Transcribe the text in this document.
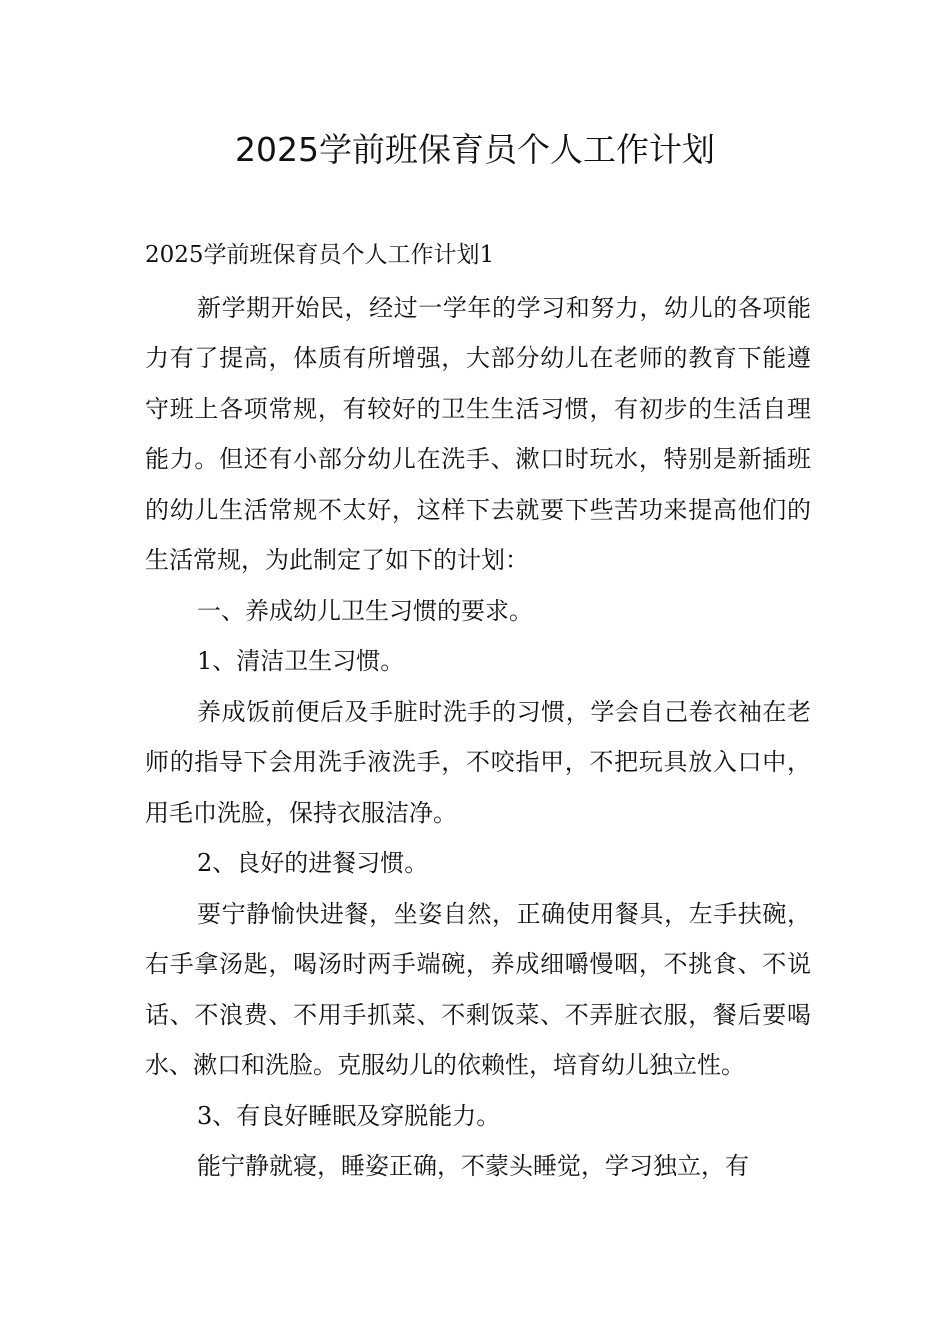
2025学前班保育员个人工作计划

2025学前班保育员个人工作计划1

新学期开始民，经过一学年的学习和努力，幼儿的各项能力有了提高，体质有所增强，大部分幼儿在老师的教育下能遵守班上各项常规，有较好的卫生生活习惯，有初步的生活自理能力。但还有小部分幼儿在洗手、漱口时玩水，特别是新插班的幼儿生活常规不太好，这样下去就要下些苦功来提高他们的生活常规，为此制定了如下的计划：

一、养成幼儿卫生习惯的要求。

1、清洁卫生习惯。

养成饭前便后及手脏时洗手的习惯，学会自己卷衣袖在老师的指导下会用洗手液洗手，不咬指甲，不把玩具放入口中，用毛巾洗脸，保持衣服洁净。

2、良好的进餐习惯。

要宁静愉快进餐，坐姿自然，正确使用餐具，左手扶碗，右手拿汤匙，喝汤时两手端碗，养成细嚼慢咽，不挑食、不说话、不浪费、不用手抓菜、不剩饭菜、不弄脏衣服，餐后要喝水、漱口和洗脸。克服幼儿的依赖性，培育幼儿独立性。

3、有良好睡眠及穿脱能力。

能宁静就寝，睡姿正确，不蒙头睡觉，学习独立，有
